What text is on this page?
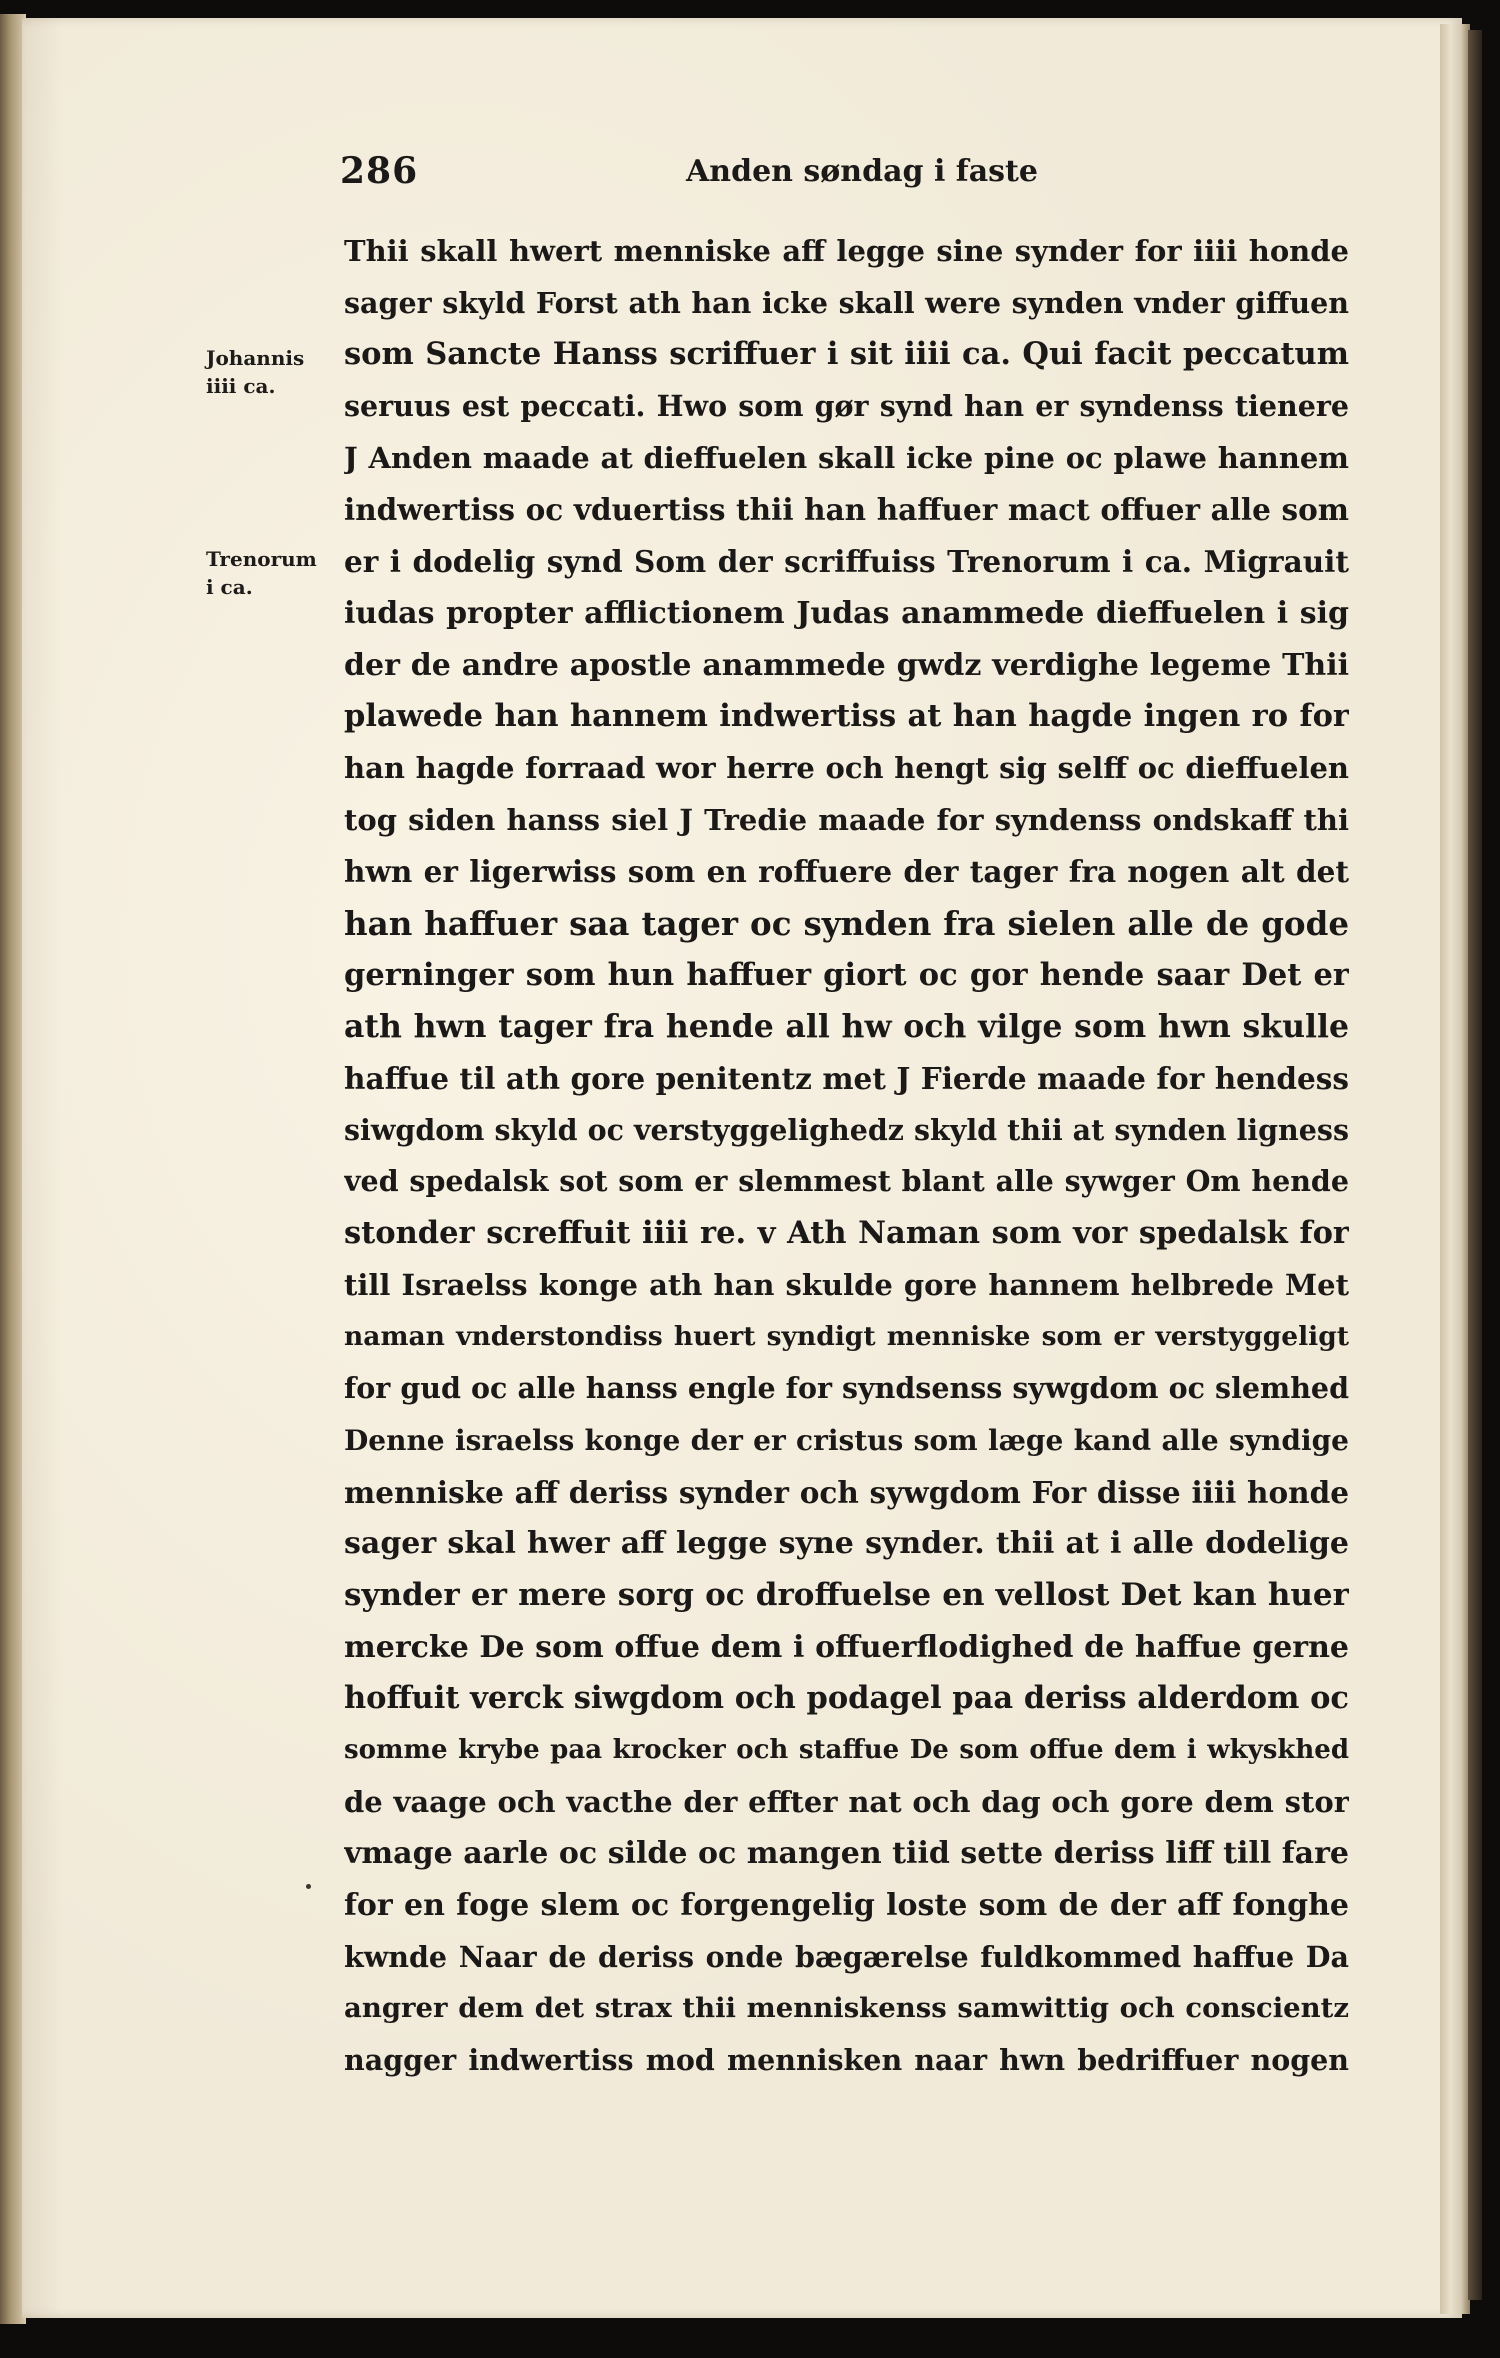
286	Anden søndag i faste
Johannis
iiii ca.
Trenorum
i ca.
Thii skall hwert menniske aff legge sine synder for iiii honde
sager skyld Forst ath han icke skall were synden vnder giffuen
som Sancte Hanss scriffuer i sit iiii ca. Qui facit peccatum
seruus est peccati. Hwo som gør synd han er syndenss tienere
J Anden maade at dieffuelen skall icke pine oc plawe hannem
indwertiss oc vduertiss thii han haffuer mact offuer alle som
er i dodelig synd Som der scriffuiss Trenorum i ca. Migrauit
iudas propter afflictionem Judas anammede dieffuelen i sig
der de andre apostle anammede gwdz verdighe legeme Thii
plawede han hannem indwertiss at han hagde ingen ro for
han hagde forraad wor herre och hengt sig selff oc dieffuelen
tog siden hanss siel J Tredie maade for syndenss ondskaff thi
hwn er ligerwiss som en roffuere der tager fra nogen alt det
han haffuer saa tager oc synden fra sielen alle de gode
gerninger som hun haffuer giort oc gor hende saar Det er
ath hwn tager fra hende all hw och vilge som hwn skulle
haffue til ath gore penitentz met J Fierde maade for hendess
siwgdom skyld oc verstyggelighedz skyld thii at synden ligness
ved spedalsk sot som er slemmest blant alle sywger Om hende
stonder screffuit iiii re. v Ath Naman som vor spedalsk for
till Israelss konge ath han skulde gore hannem helbrede Met
naman vnderstondiss huert syndigt menniske som er verstyggeligt
for gud oc alle hanss engle for syndsenss sywgdom oc slemhed
Denne israelss konge der er cristus som læge kand alle syndige
menniske aff deriss synder och sywgdom For disse iiii honde
sager skal hwer aff legge syne synder. thii at i alle dodelige
synder er mere sorg oc droffuelse en vellost Det kan huer
mercke De som offue dem i offuerflodighed de haffue gerne
hoffuit verck siwgdom och podagel paa deriss alderdom oc
somme krybe paa krocker och staffue De som offue dem i wkyskhed
de vaage och vacthe der effter nat och dag och gore dem stor
vmage aarle oc silde oc mangen tiid sette deriss liff till fare
for en foge slem oc forgengelig loste som de der aff fonghe
kwnde Naar de deriss onde bægærelse fuldkommed haffue Da
angrer dem det strax thii menniskenss samwittig och conscientz
nagger indwertiss mod mennisken naar hwn bedriffuer nogen
